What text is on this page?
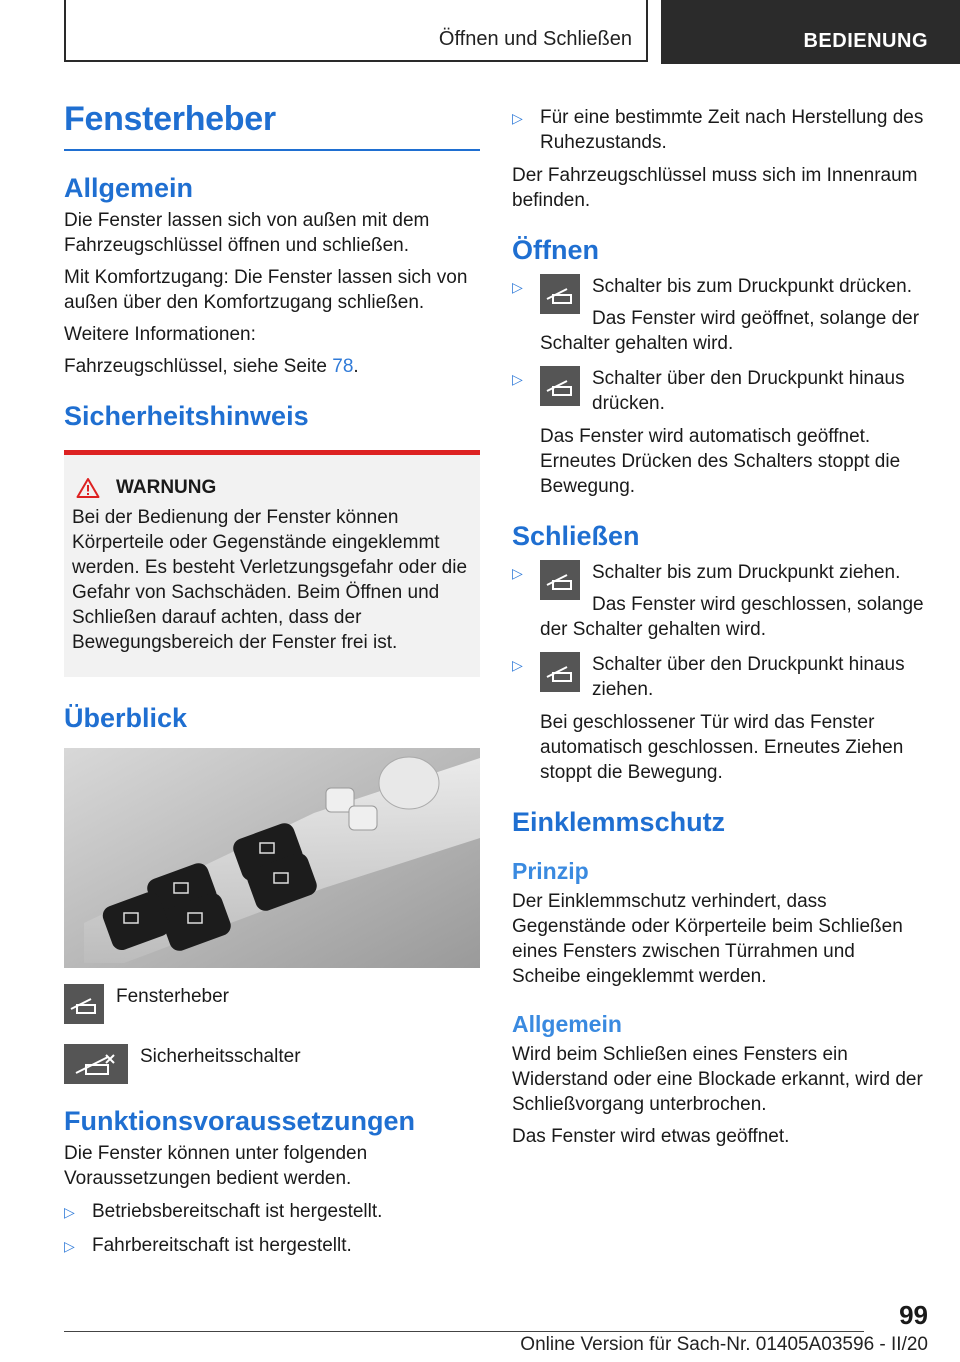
Öffnen und Schließen	BEDIENUNG
Fensterheber
Allgemein

Die Fenster lassen sich von außen mit dem Fahrzeugschlüssel öffnen und schließen.

Mit Komfortzugang: Die Fenster lassen sich von außen über den Komfortzugang schließen.

Weitere Informationen:

Fahrzeugschlüssel, siehe Seite 78.

Sicherheitshinweis
WARNUNG

Bei der Bedienung der Fenster können Körperteile oder Gegenstände eingeklemmt werden. Es besteht Verletzungsgefahr oder die Gefahr von Sachschäden. Beim Öffnen und Schließen darauf achten, dass der Bewegungsbereich der Fenster frei ist.

Überblick

Fensterheber

Sicherheitsschalter

Funktionsvoraussetzungen

Die Fenster können unter folgenden Voraussetzungen bedient werden.

▷ Betriebsbereitschaft ist hergestellt.
▷ Fahrbereitschaft ist hergestellt.
▷ Für eine bestimmte Zeit nach Herstellung des Ruhezustands.

Der Fahrzeugschlüssel muss sich im Innenraum befinden.

Öffnen
▷	Schalter bis zum Druckpunkt drücken.

Das Fenster wird geöffnet, solange der Schalter gehalten wird.

▷	Schalter über den Druckpunkt hinaus drücken.

Das Fenster wird automatisch geöffnet. Erneutes Drücken des Schalters stoppt die Bewegung.

Schließen
▷	Schalter bis zum Druckpunkt ziehen.

Das Fenster wird geschlossen, solange der Schalter gehalten wird.

▷	Schalter über den Druckpunkt hinaus ziehen.

Bei geschlossener Tür wird das Fenster automatisch geschlossen. Erneutes Ziehen stoppt die Bewegung.

Einklemmschutz
Prinzip

Der Einklemmschutz verhindert, dass Gegenstände oder Körperteile beim Schließen eines Fensters zwischen Türrahmen und Scheibe eingeklemmt werden.

Allgemein

Wird beim Schließen eines Fensters ein Widerstand oder eine Blockade erkannt, wird der Schließvorgang unterbrochen.

Das Fenster wird etwas geöffnet.

99
Online Version für Sach-Nr. 01405A03596 - II/20
